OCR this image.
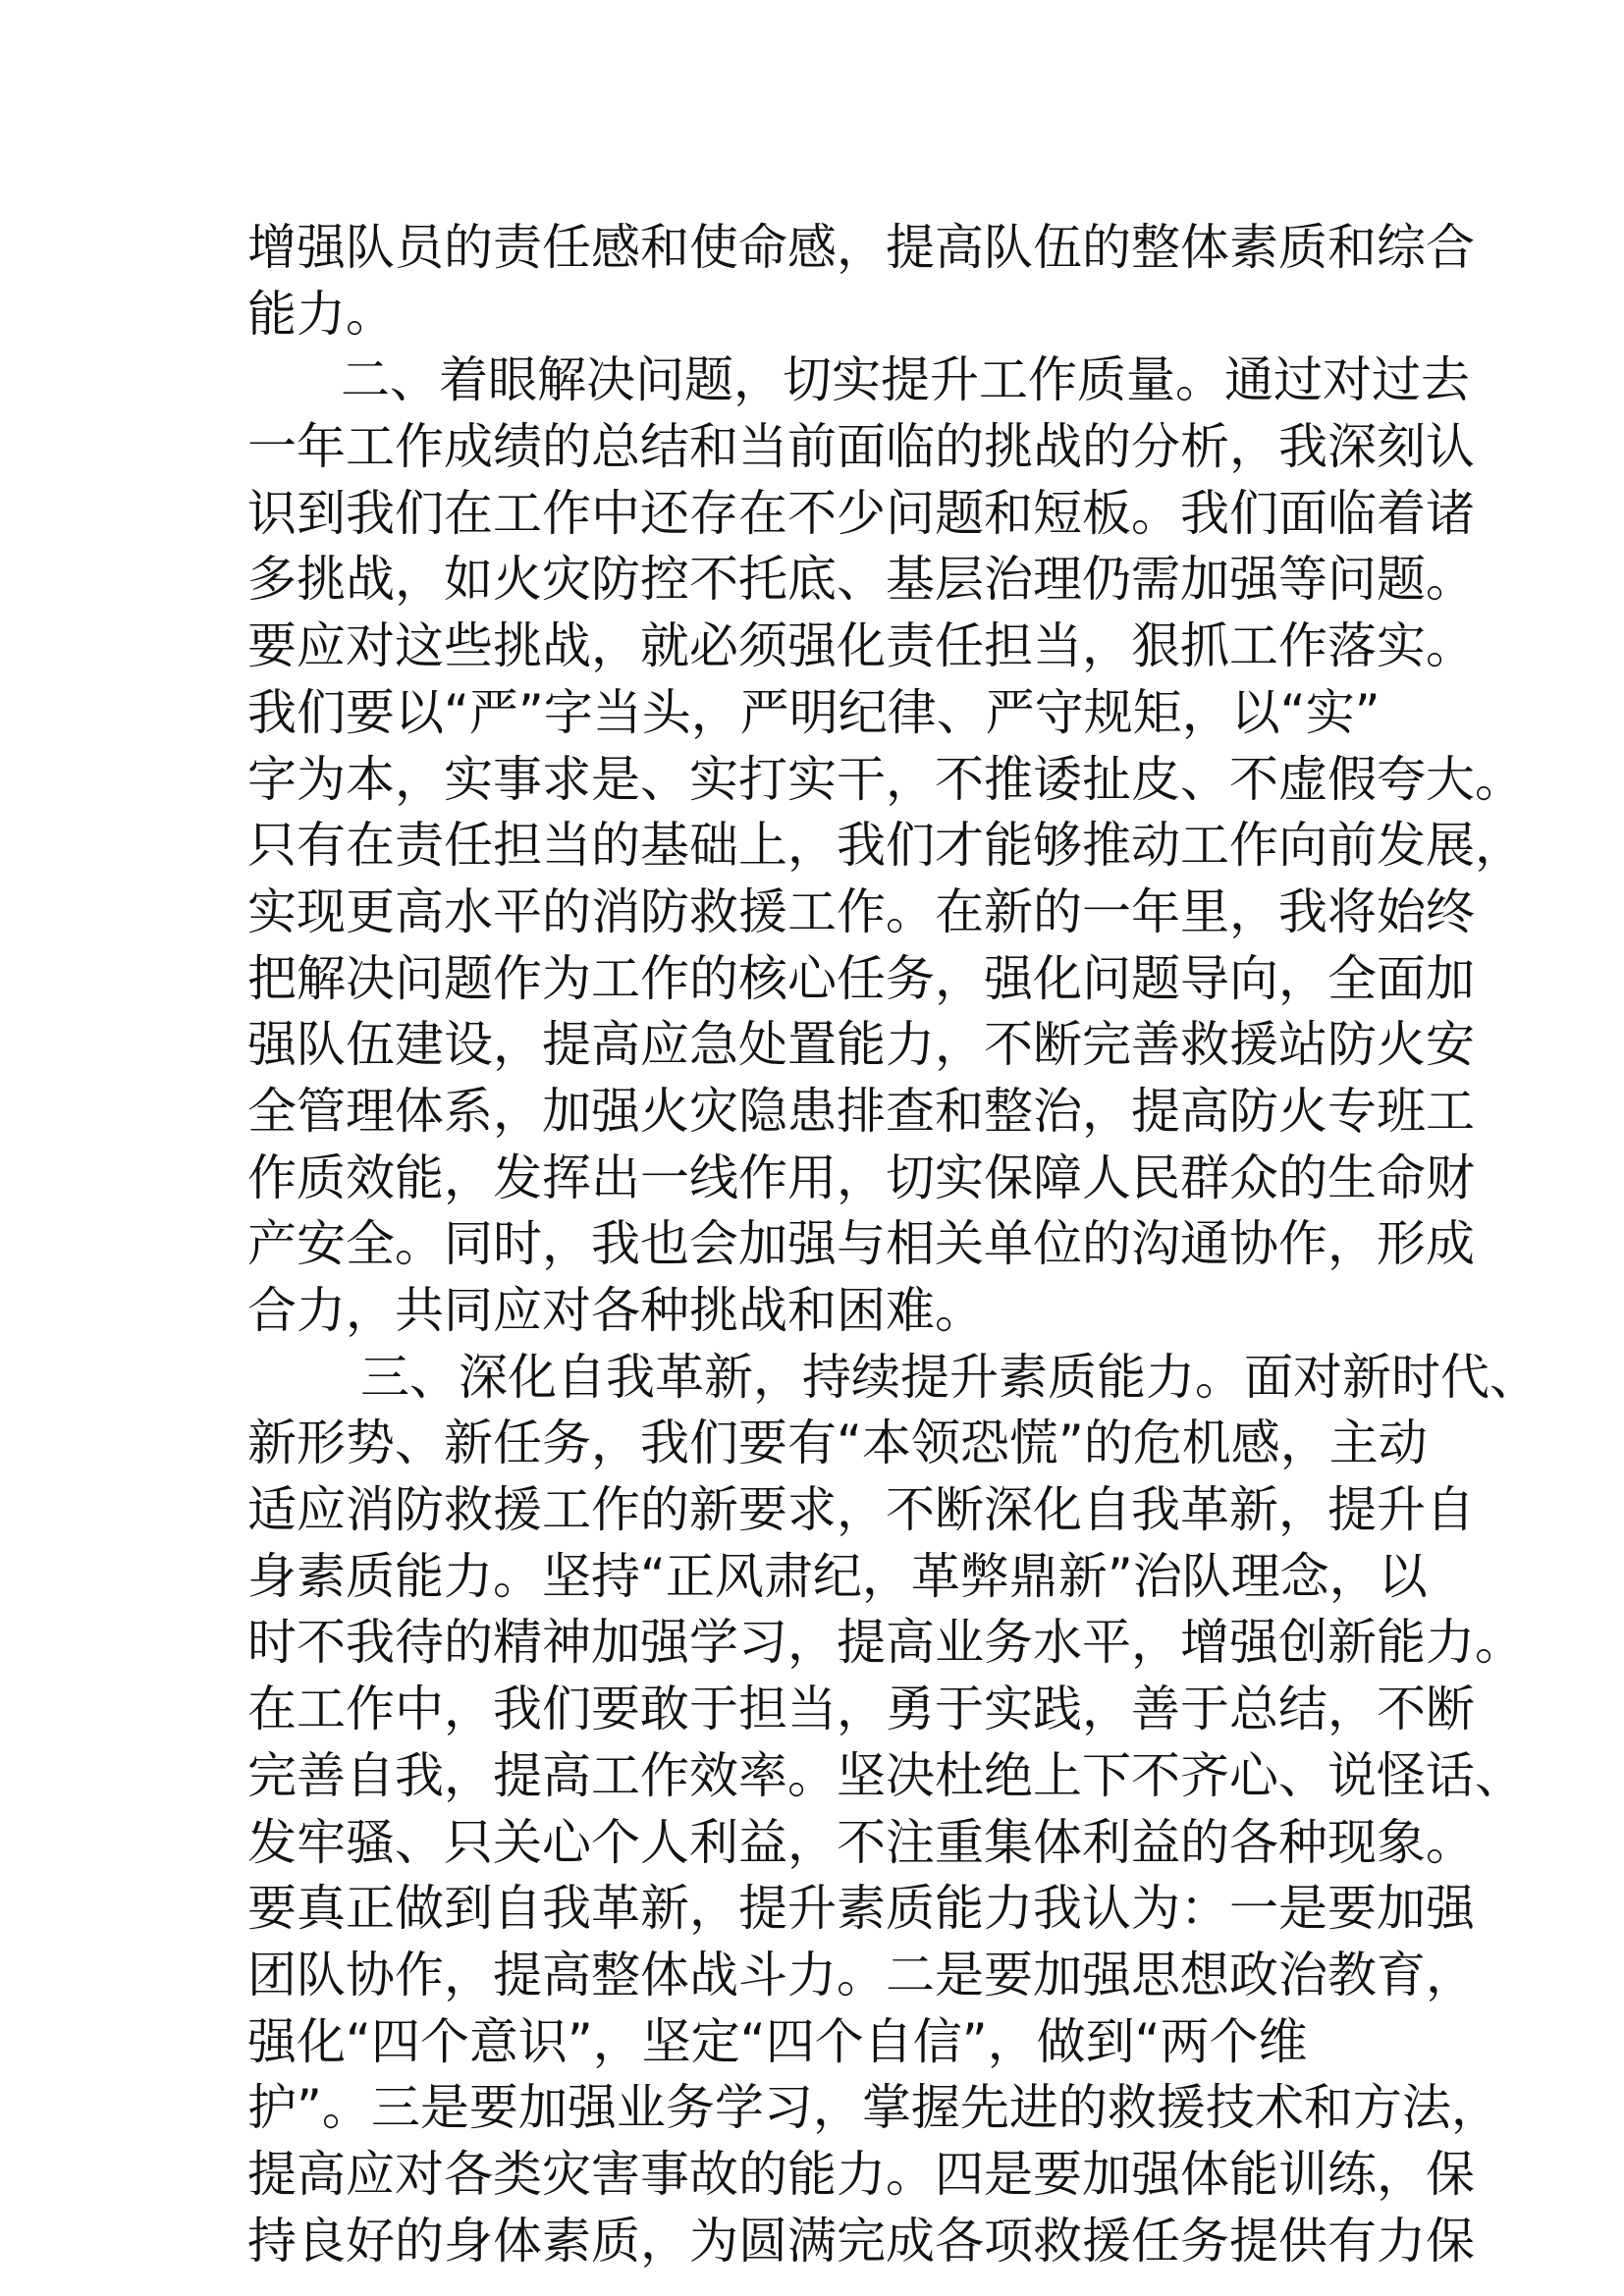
增强队员的责任感和使命感，提高队伍的整体素质和综合
能力。
二、着眼解决问题，切实提升工作质量。通过对过去
一年工作成绩的总结和当前面临的挑战的分析，我深刻认
识到我们在工作中还存在不少问题和短板。我们面临着诸
多挑战，如火灾防控不托底、基层治理仍需加强等问题。
要应对这些挑战，就必须强化责任担当，狠抓工作落实。
我们要以“严”字当头，严明纪律、严守规矩，以“实”
字为本，实事求是、实打实干，不推诿扯皮、不虚假夸大。
只有在责任担当的基础上，我们才能够推动工作向前发展，
实现更高水平的消防救援工作。在新的一年里，我将始终
把解决问题作为工作的核心任务，强化问题导向，全面加
强队伍建设，提高应急处置能力，不断完善救援站防火安
全管理体系，加强火灾隐患排查和整治，提高防火专班工
作质效能，发挥出一线作用，切实保障人民群众的生命财
产安全。同时，我也会加强与相关单位的沟通协作，形成
合力，共同应对各种挑战和困难。
三、深化自我革新，持续提升素质能力。面对新时代、
新形势、新任务，我们要有“本领恐慌”的危机感，主动
适应消防救援工作的新要求，不断深化自我革新，提升自
身素质能力。坚持“正风肃纪，革弊鼎新”治队理念，以
时不我待的精神加强学习，提高业务水平，增强创新能力。
在工作中，我们要敢于担当，勇于实践，善于总结，不断
完善自我，提高工作效率。坚决杜绝上下不齐心、说怪话、
发牢骚、只关心个人利益，不注重集体利益的各种现象。
要真正做到自我革新，提升素质能力我认为：一是要加强
团队协作，提高整体战斗力。二是要加强思想政治教育，
强化“四个意识”，坚定“四个自信”，做到“两个维
护”。三是要加强业务学习，掌握先进的救援技术和方法，
提高应对各类灾害事故的能力。四是要加强体能训练，保
持良好的身体素质，为圆满完成各项救援任务提供有力保
